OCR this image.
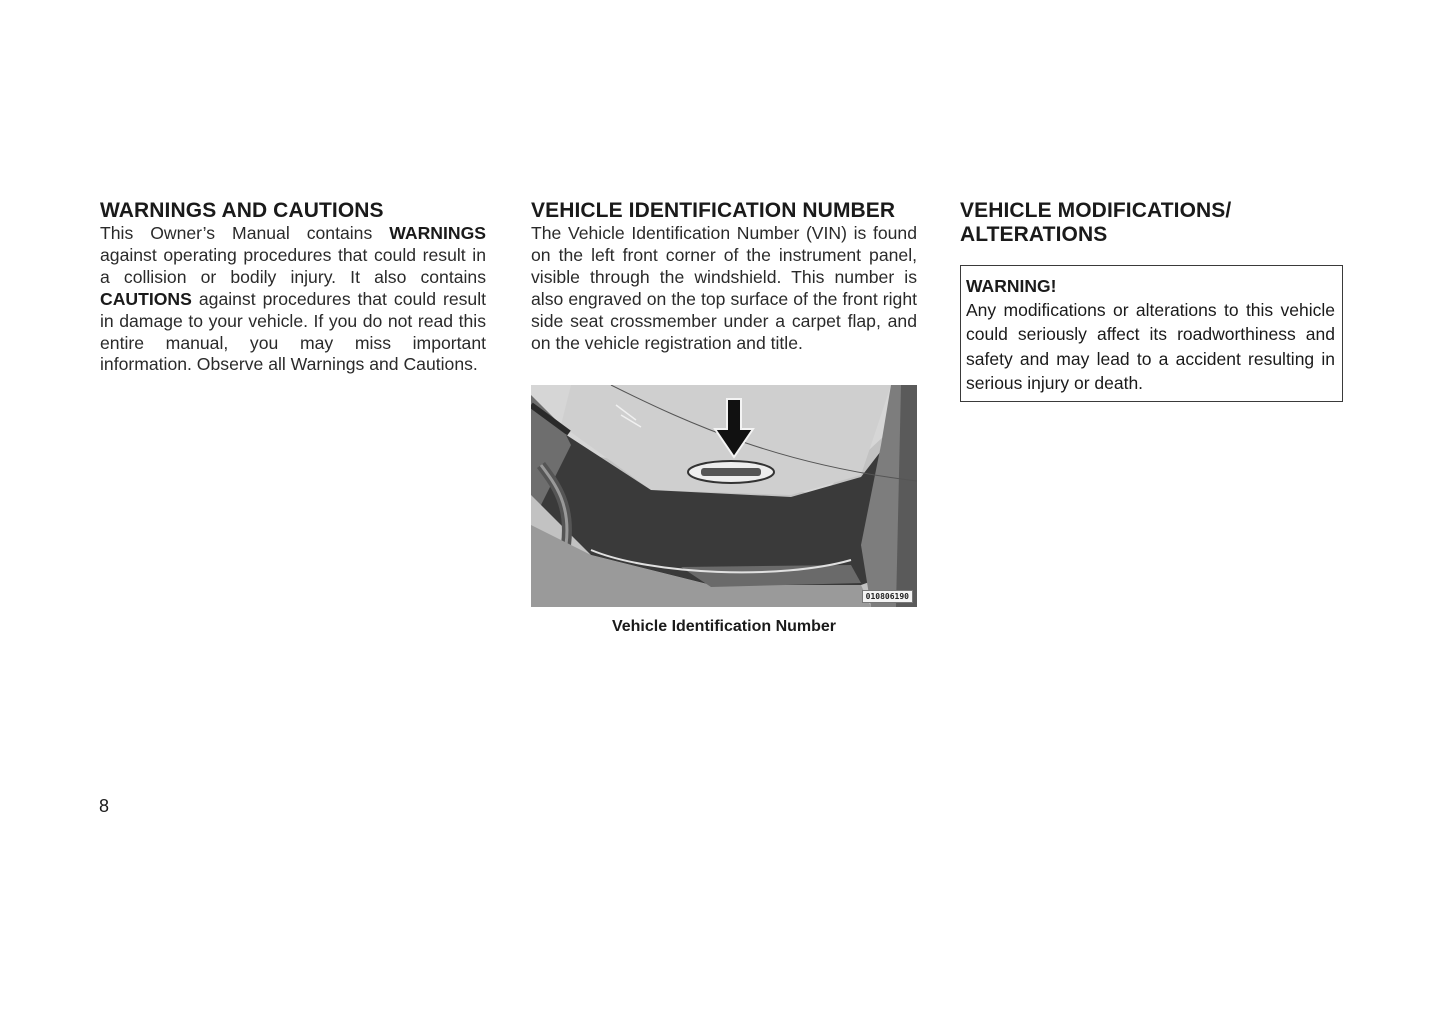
WARNINGS AND CAUTIONS

This Owner’s Manual contains WARNINGS against operating procedures that could result in a collision or bodily injury. It also contains CAUTIONS against procedures that could result in damage to your vehicle. If you do not read this entire manual, you may miss important information. Observe all Warnings and Cautions.

VEHICLE IDENTIFICATION NUMBER

The Vehicle Identification Number (VIN) is found on the left front corner of the instrument panel, visible through the windshield. This number is also engraved on the top surface of the front right side seat crossmember under a carpet flap, and on the vehicle registration and title.

010806190
Vehicle Identification Number
VEHICLE MODIFICATIONS/ ALTERATIONS
WARNING!
Any modifications or alterations to this vehicle could seriously affect its roadworthiness and safety and may lead to a accident resulting in serious injury or death.
8
